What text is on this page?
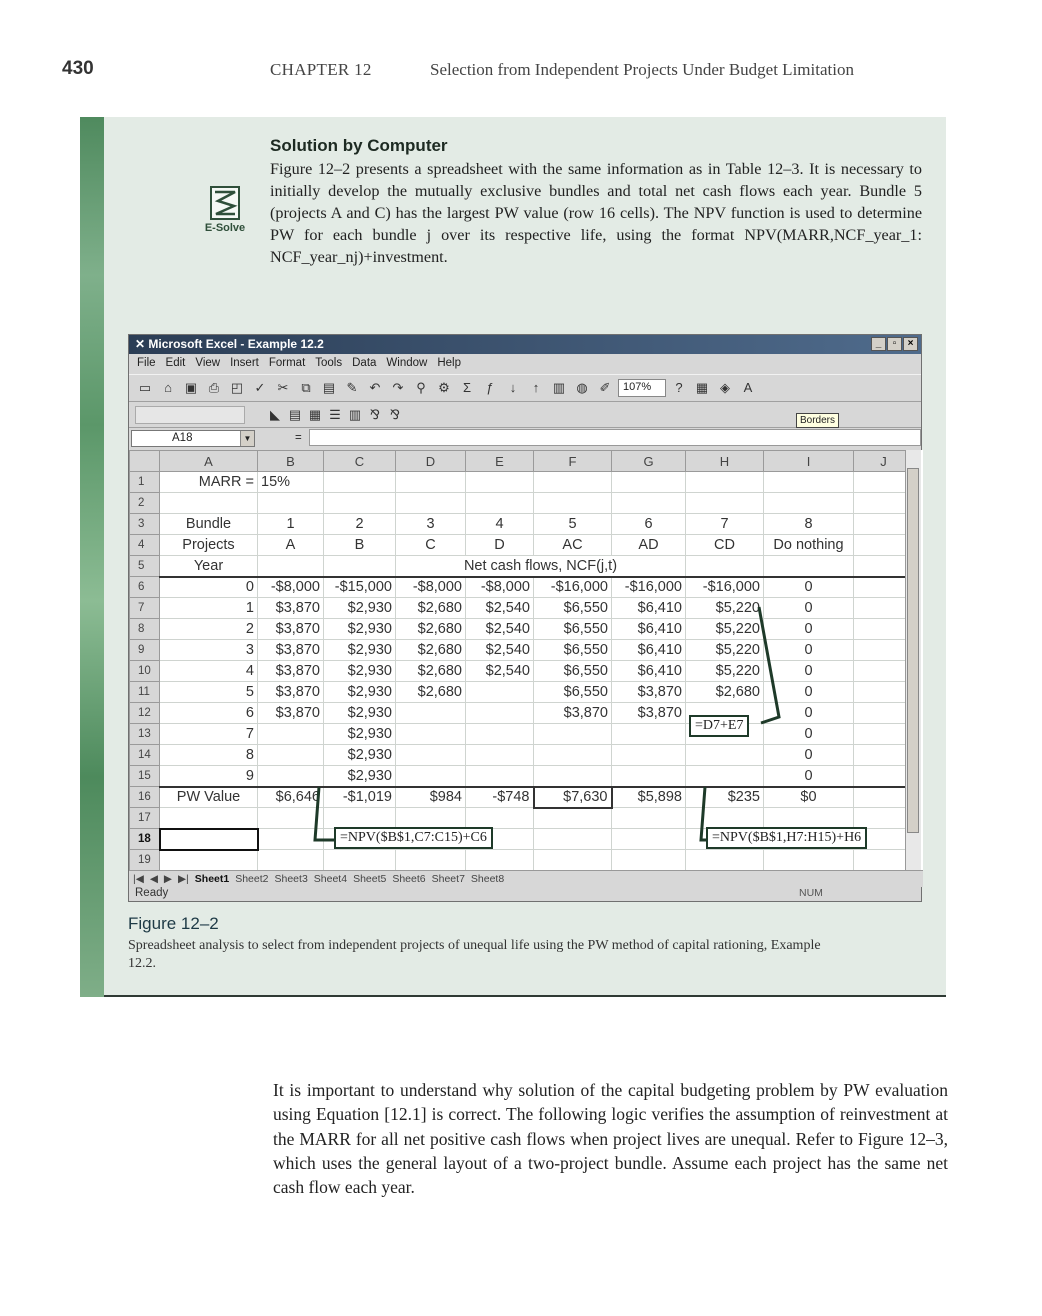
430	CHAPTER 12	Selection from Independent Projects Under Budget Limitation
E-Solve
Solution by Computer
Figure 12–2 presents a spreadsheet with the same information as in Table 12–3. It is necessary to initially develop the mutually exclusive bundles and total net cash flows each year. Bundle 5 (projects A and C) has the largest PW value (row 16 cells). The NPV function is used to determine PW for each bundle j over its respective life, using the format NPV(MARR,NCF_year_1: NCF_year_nj)+investment.
✕ Microsoft Excel - Example 12.2	_	▫	×
File Edit View Insert Format Tools Data Window Help
▭ ⌂ ▣ ⎙ ◰ ✓ ✂ ⧉ ▤ ✎ ↶ ↷ ⚲ ⚙	Σ	ƒ	↓	↑	▥ ◍ ✐	107%	?	▦ ◈	A
◣ ▤ ▦ ☰ ▥ ⅋ ⅋	Borders
A18	▼	=
	A	B	C	D	E	F	G	H	I	J
1	MARR =	15%								
2										
3	Bundle	1	2	3	4	5	6	7	8	
4	Projects	A	B	C	D	AC	AD	CD	Do nothing	
5	Year			Net cash flows, NCF(j,t)						
6	0	-$8,000	-$15,000	-$8,000	-$8,000	-$16,000	-$16,000	-$16,000	0	
7	1	$3,870	$2,930	$2,680	$2,540	$6,550	$6,410	$5,220	0	
8	2	$3,870	$2,930	$2,680	$2,540	$6,550	$6,410	$5,220	0	
9	3	$3,870	$2,930	$2,680	$2,540	$6,550	$6,410	$5,220	0	
10	4	$3,870	$2,930	$2,680	$2,540	$6,550	$6,410	$5,220	0	
11	5	$3,870	$2,930	$2,680		$6,550	$3,870	$2,680	0	
12	6	$3,870	$2,930			$3,870	$3,870		0	
13	7		$2,930						0	
14	8		$2,930						0	
15	9		$2,930						0	
16	PW Value	$6,646	-$1,019	$984	-$748	$7,630	$5,898	$235	$0	
17										
18										
19										
|◀ ◀ ▶ ▶| Sheet1 Sheet2 Sheet3 Sheet4 Sheet5 Sheet6 Sheet7 Sheet8
Ready	NUM
=D7+E7
=NPV($B$1,C7:C15)+C6	=NPV($B$1,H7:H15)+H6
Figure 12–2
Spreadsheet analysis to select from independent projects of unequal life using the PW method of capital rationing, Example 12.2.
It is important to understand why solution of the capital budgeting problem by PW evaluation using Equation [12.1] is correct. The following logic verifies the assumption of reinvestment at the MARR for all net positive cash flows when project lives are unequal. Refer to Figure 12–3, which uses the general layout of a two-project bundle. Assume each project has the same net cash flow each year.
